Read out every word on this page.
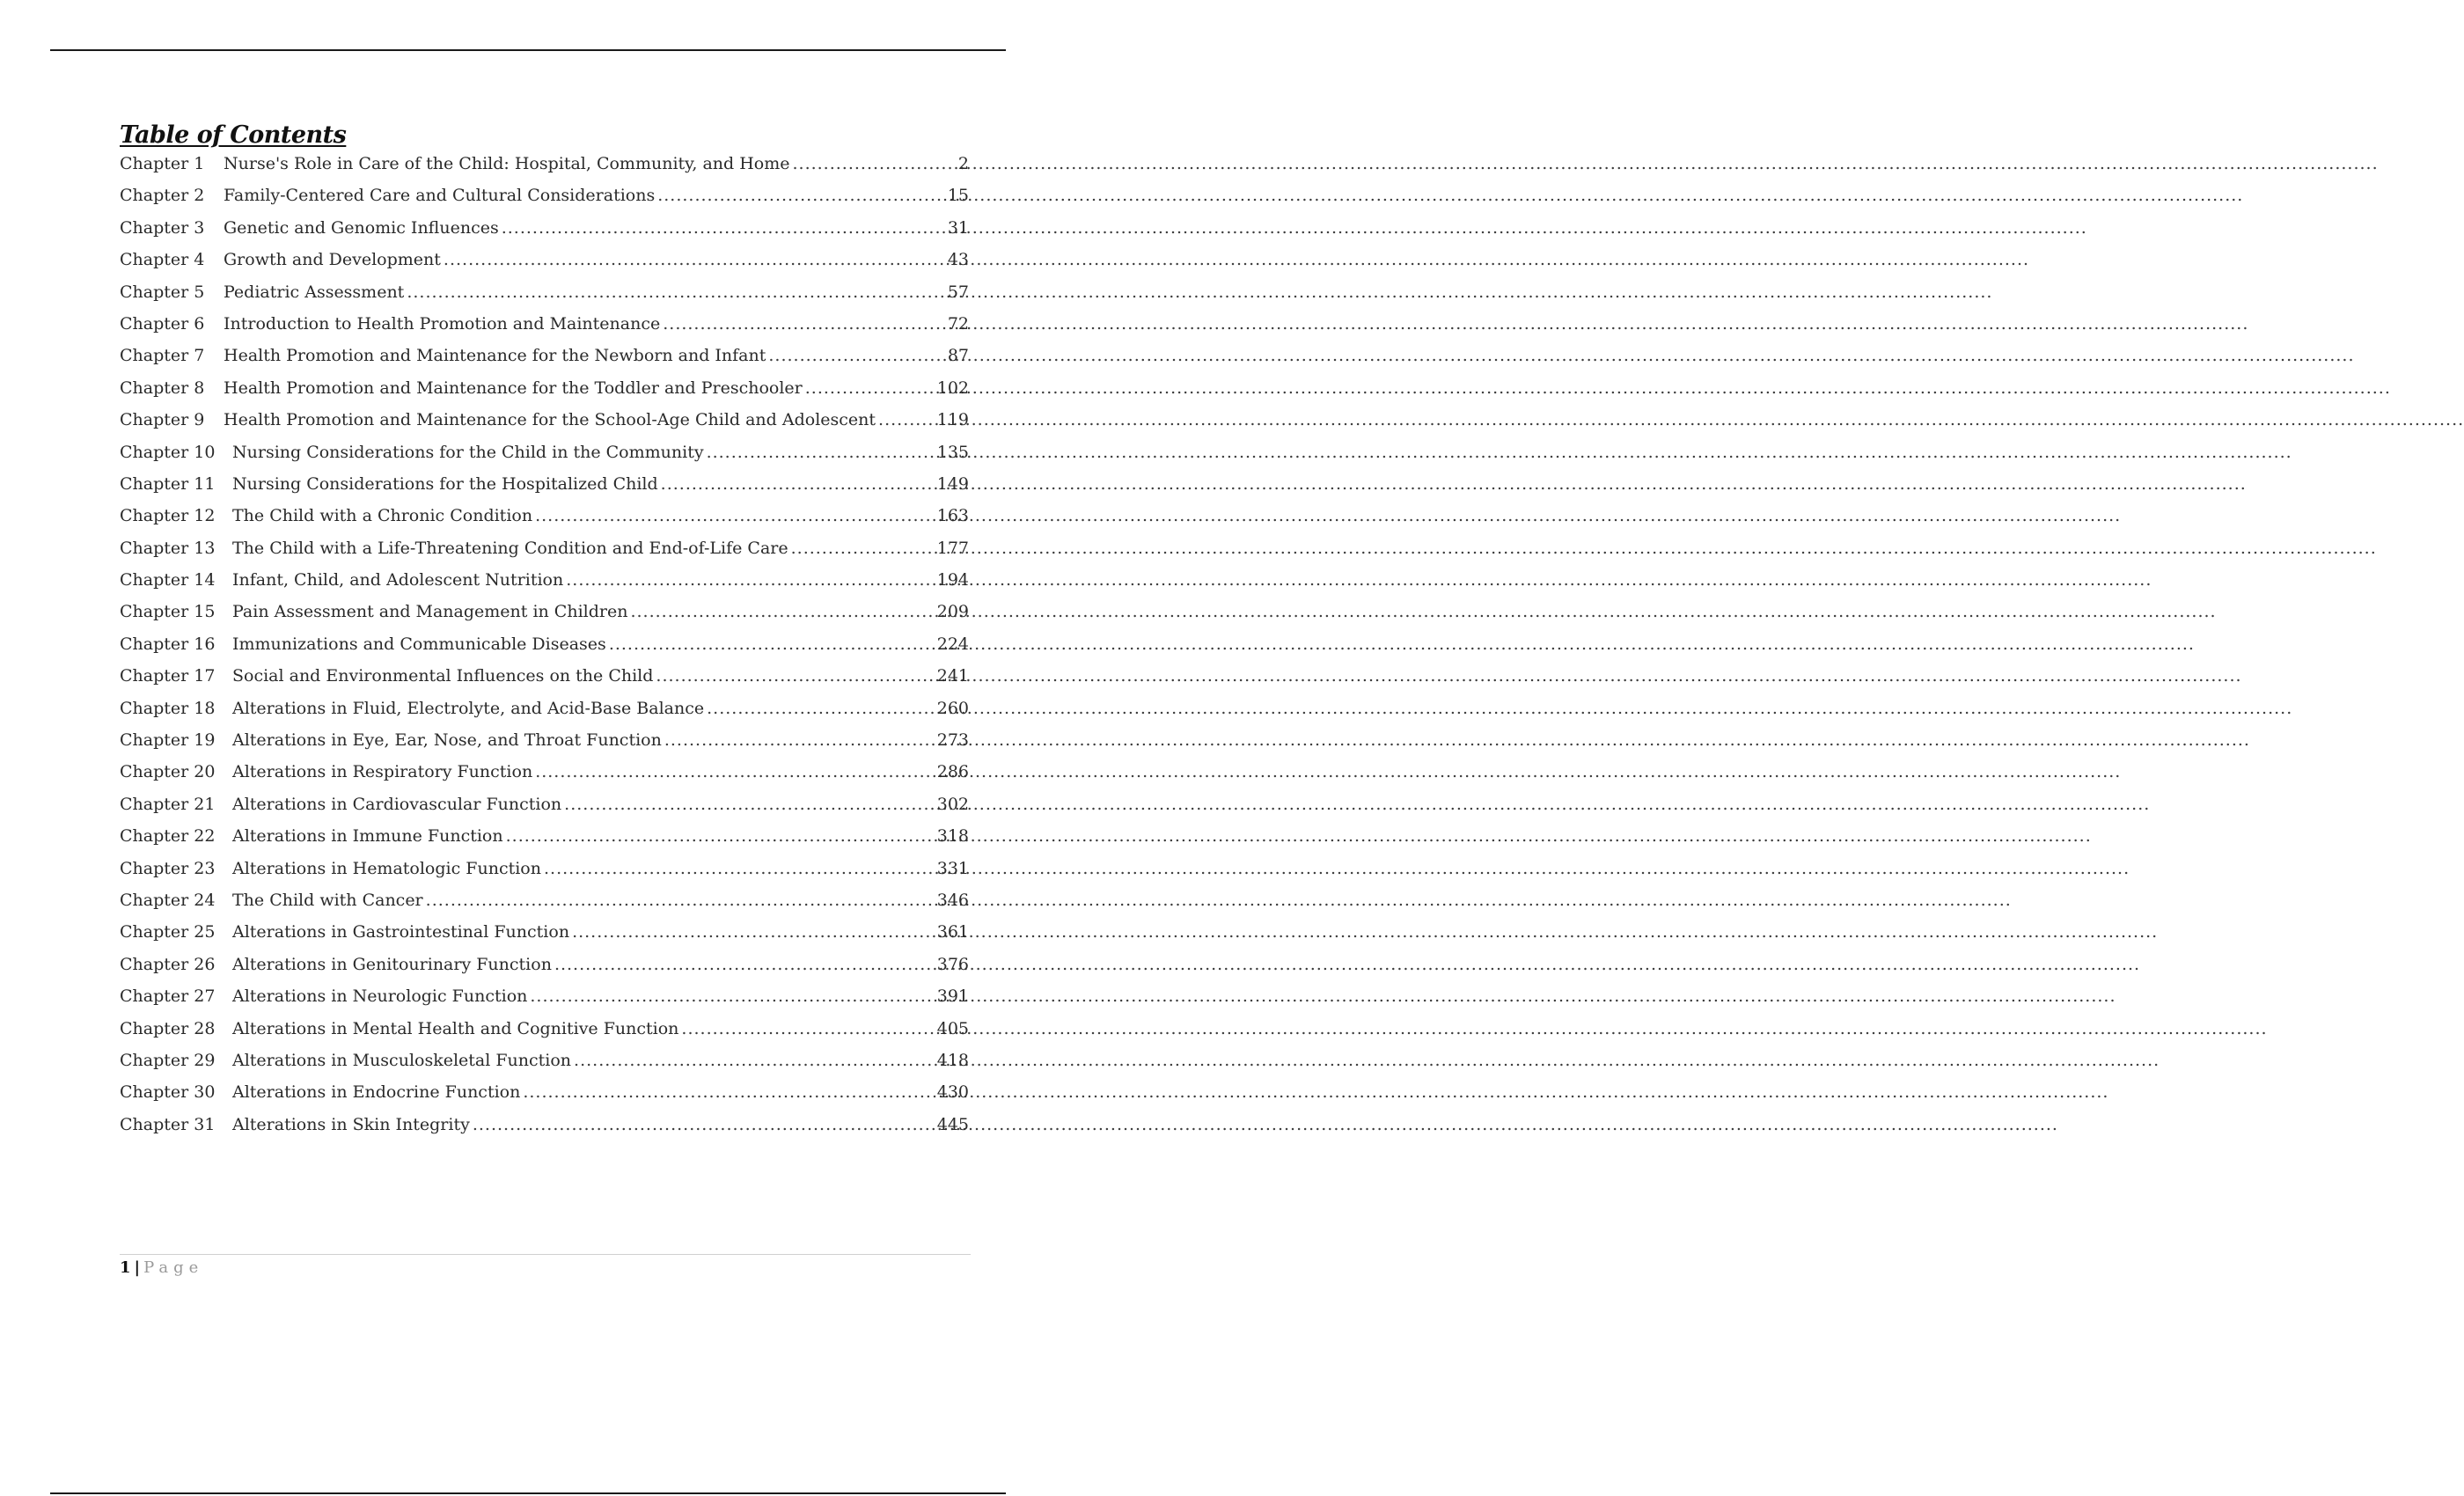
Table of Contents
Chapter 1	Nurse's Role in Care of the Child: Hospital, Community, and Home .....	2
Chapter 2	Family-Centered Care and Cultural Considerations .....	15
Chapter 3	Genetic and Genomic Influences .....	31
Chapter 4	Growth and Development .....	43
Chapter 5	Pediatric Assessment .....	57
Chapter 6	Introduction to Health Promotion and Maintenance .....	72
Chapter 7	Health Promotion and Maintenance for the Newborn and Infant .....	87
Chapter 8	Health Promotion and Maintenance for the Toddler and Preschooler .....	102
Chapter 9	Health Promotion and Maintenance for the School-Age Child and Adolescent .....	119
Chapter 10	Nursing Considerations for the Child in the Community .....	135
Chapter 11	Nursing Considerations for the Hospitalized Child .....	149
Chapter 12	The Child with a Chronic Condition .....	163
Chapter 13	The Child with a Life-Threatening Condition and End-of-Life Care .....	177
Chapter 14	Infant, Child, and Adolescent Nutrition .....	194
Chapter 15	Pain Assessment and Management in Children .....	209
Chapter 16	Immunizations and Communicable Diseases .....	224
Chapter 17	Social and Environmental Influences on the Child .....	241
Chapter 18	Alterations in Fluid, Electrolyte, and Acid-Base Balance .....	260
Chapter 19	Alterations in Eye, Ear, Nose, and Throat Function .....	273
Chapter 20	Alterations in Respiratory Function .....	286
Chapter 21	Alterations in Cardiovascular Function .....	302
Chapter 22	Alterations in Immune Function .....	318
Chapter 23	Alterations in Hematologic Function .....	331
Chapter 24	The Child with Cancer .....	346
Chapter 25	Alterations in Gastrointestinal Function .....	361
Chapter 26	Alterations in Genitourinary Function .....	376
Chapter 27	Alterations in Neurologic Function .....	391
Chapter 28	Alterations in Mental Health and Cognitive Function .....	405
Chapter 29	Alterations in Musculoskeletal Function .....	418
Chapter 30	Alterations in Endocrine Function .....	430
Chapter 31	Alterations in Skin Integrity .....	445
1 | Page
